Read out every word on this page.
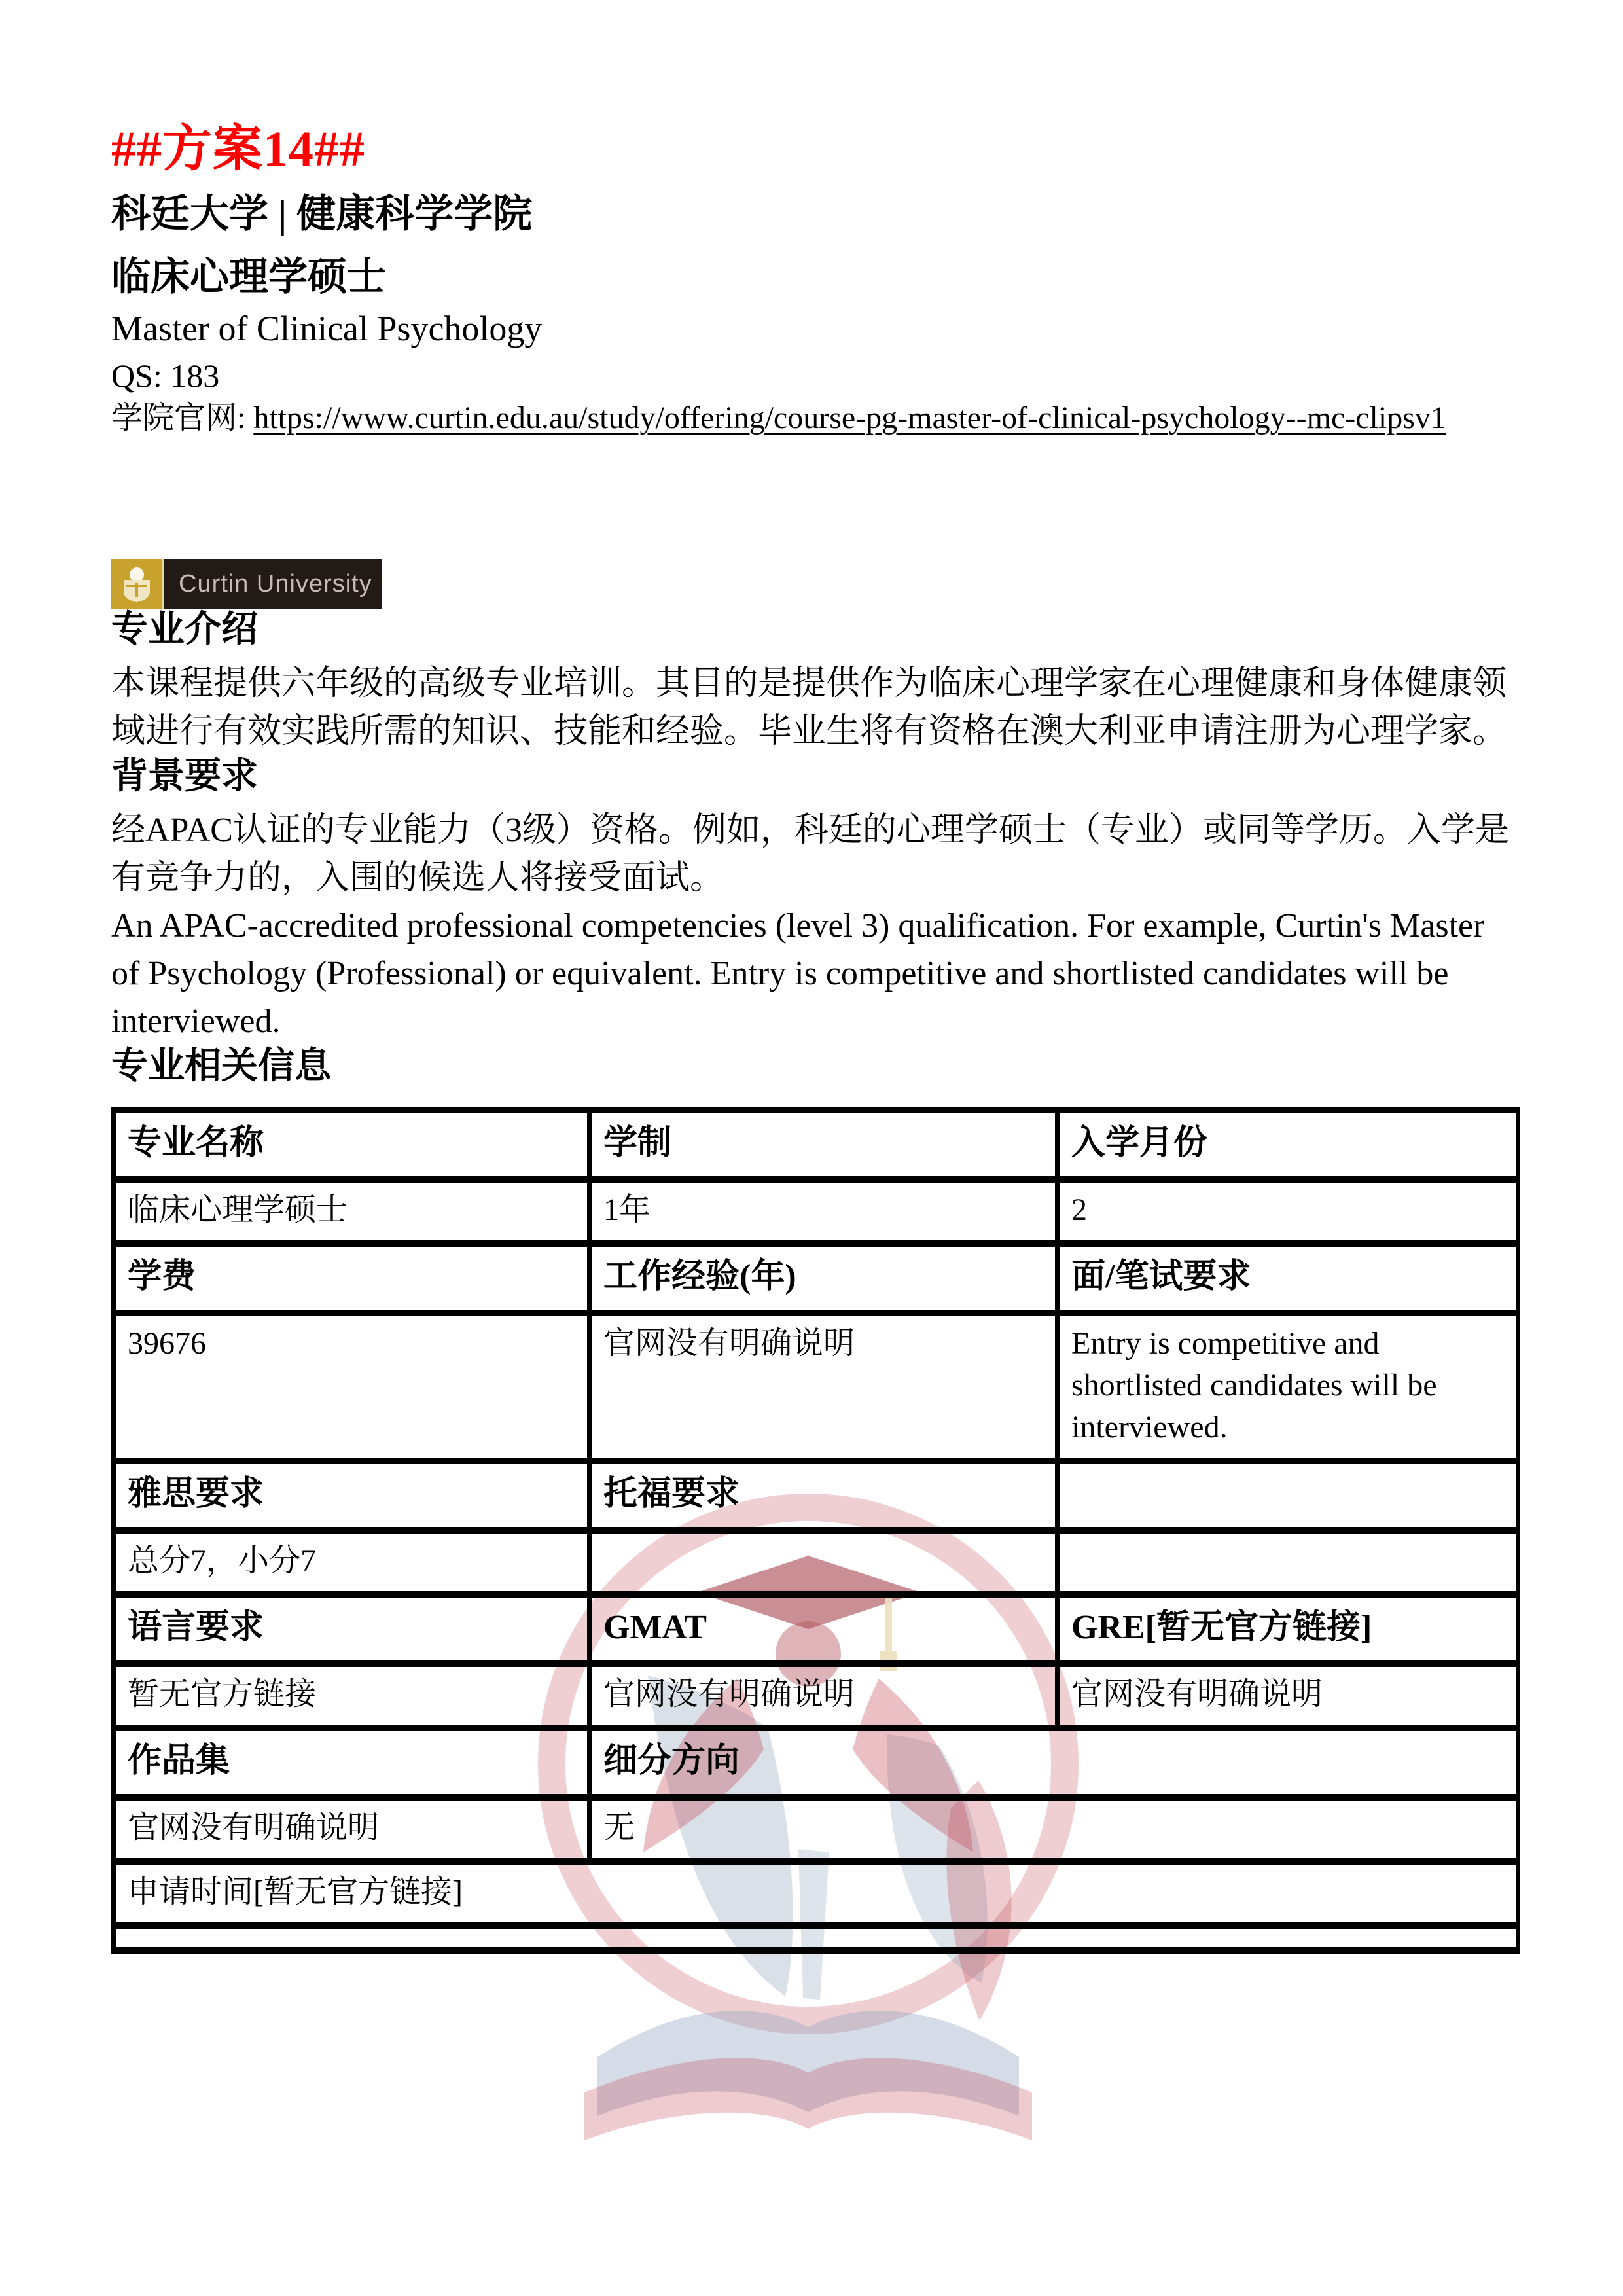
##方案14##
科廷大学 | 健康科学学院
临床心理学硕士
Master of Clinical Psychology
QS: 183
学院官网: https://www.curtin.edu.au/study/offering/course-pg-master-of-clinical-psychology--mc-clipsv1
Curtin University
专业介绍

本课程提供六年级的高级专业培训。其目的是提供作为临床心理学家在心理健康和身体健康领域进行有效实践所需的知识、技能和经验。毕业生将有资格在澳大利亚申请注册为心理学家。

背景要求

经APAC认证的专业能力（3级）资格。例如，科廷的心理学硕士（专业）或同等学历。入学是有竞争力的，入围的候选人将接受面试。

An APAC-accredited professional competencies (level 3) qualification. For example, Curtin's Master of Psychology (Professional) or equivalent. Entry is competitive and shortlisted candidates will be interviewed.

专业相关信息
专业名称	学制	入学月份
临床心理学硕士	1年	2
学费	工作经验(年)	面/笔试要求
39676	官网没有明确说明	Entry is competitive and shortlisted candidates will be interviewed.
雅思要求	托福要求	
总分7，小分7		
语言要求	GMAT	GRE[暂无官方链接]
暂无官方链接	官网没有明确说明	官网没有明确说明
作品集	细分方向	
官网没有明确说明	无	
申请时间[暂无官方链接]		
